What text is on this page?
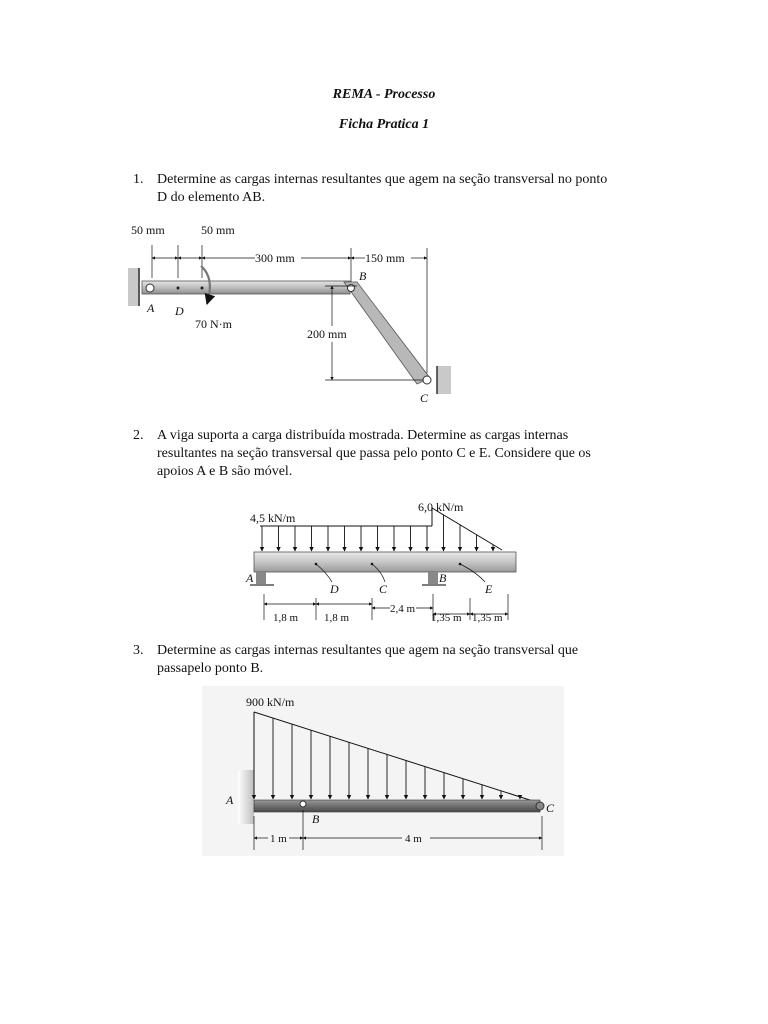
REMA - Processo
Ficha Pratica 1
1. Determine as cargas internas resultantes que agem na seção transversal no ponto
D do elemento AB.
50 mm	50 mm
300 mm	150 mm
200 mm
70 N·m
A D
B
C
2. A viga suporta a carga distribuída mostrada. Determine as cargas internas
resultantes na seção transversal que passa pelo ponto C e E. Considere que os
apoios A e B são móvel.
4,5 kN/m
6,0 kN/m
A
D	C
B
E
1,8 m 1,8 m
2,4 m
1,35 m 1,35 m
3. Determine as cargas internas resultantes que agem na seção transversal que
passapelo ponto B.
900 kN/m
A
B
C
1 m	4 m
